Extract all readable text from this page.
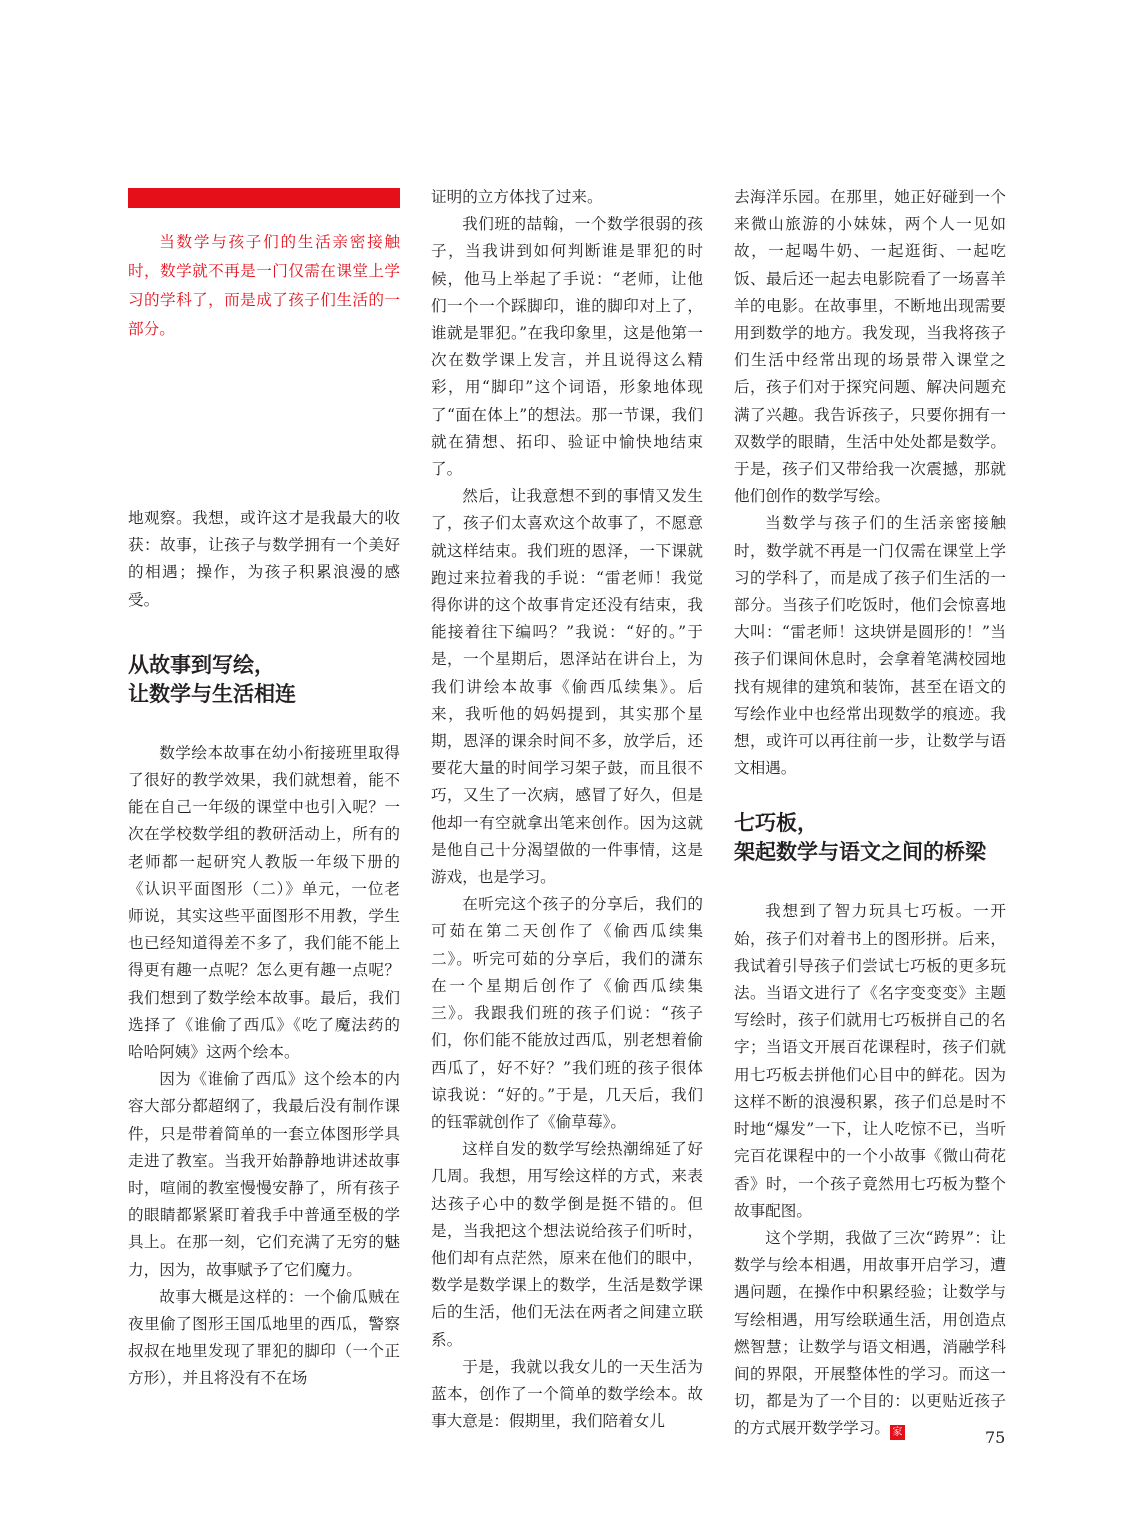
当数学与孩子们的生活亲密接触时，数学就不再是一门仅需在课堂上学习的学科了，而是成了孩子们生活的一部分。

地观察。我想，或许这才是我最大的收获：故事，让孩子与数学拥有一个美好的相遇；操作，为孩子积累浪漫的感受。

从故事到写绘，
让数学与生活相连

数学绘本故事在幼小衔接班里取得了很好的教学效果，我们就想着，能不能在自己一年级的课堂中也引入呢？一次在学校数学组的教研活动上，所有的老师都一起研究人教版一年级下册的《认识平面图形（二）》单元，一位老师说，其实这些平面图形不用教，学生也已经知道得差不多了，我们能不能上得更有趣一点呢？怎么更有趣一点呢？我们想到了数学绘本故事。最后，我们选择了《谁偷了西瓜》《吃了魔法药的哈哈阿姨》这两个绘本。

因为《谁偷了西瓜》这个绘本的内容大部分都超纲了，我最后没有制作课件，只是带着简单的一套立体图形学具走进了教室。当我开始静静地讲述故事时，喧闹的教室慢慢安静了，所有孩子的眼睛都紧紧盯着我手中普通至极的学具上。在那一刻，它们充满了无穷的魅力，因为，故事赋予了它们魔力。

故事大概是这样的：一个偷瓜贼在夜里偷了图形王国瓜地里的西瓜，警察叔叔在地里发现了罪犯的脚印（一个正方形），并且将没有不在场

证明的立方体找了过来。

我们班的喆翰，一个数学很弱的孩子，当我讲到如何判断谁是罪犯的时候，他马上举起了手说：“老师，让他们一个一个踩脚印，谁的脚印对上了，谁就是罪犯。”在我印象里，这是他第一次在数学课上发言，并且说得这么精彩，用“脚印”这个词语，形象地体现了“面在体上”的想法。那一节课，我们就在猜想、拓印、验证中愉快地结束了。

然后，让我意想不到的事情又发生了，孩子们太喜欢这个故事了，不愿意就这样结束。我们班的恩泽，一下课就跑过来拉着我的手说：“雷老师！我觉得你讲的这个故事肯定还没有结束，我能接着往下编吗？”我说：“好的。”于是，一个星期后，恩泽站在讲台上，为我们讲绘本故事《偷西瓜续集》。后来，我听他的妈妈提到，其实那个星期，恩泽的课余时间不多，放学后，还要花大量的时间学习架子鼓，而且很不巧，又生了一次病，感冒了好久，但是他却一有空就拿出笔来创作。因为这就是他自己十分渴望做的一件事情，这是游戏，也是学习。

在听完这个孩子的分享后，我们的可茹在第二天创作了《偷西瓜续集二》。听完可茹的分享后，我们的潇东在一个星期后创作了《偷西瓜续集三》。我跟我们班的孩子们说：“孩子们，你们能不能放过西瓜，别老想着偷西瓜了，好不好？”我们班的孩子很体谅我说：“好的。”于是，几天后，我们的钰霏就创作了《偷草莓》。

这样自发的数学写绘热潮绵延了好几周。我想，用写绘这样的方式，来表达孩子心中的数学倒是挺不错的。但是，当我把这个想法说给孩子们听时，他们却有点茫然，原来在他们的眼中，数学是数学课上的数学，生活是数学课后的生活，他们无法在两者之间建立联系。

于是，我就以我女儿的一天生活为蓝本，创作了一个简单的数学绘本。故事大意是：假期里，我们陪着女儿

去海洋乐园。在那里，她正好碰到一个来微山旅游的小妹妹，两个人一见如故，一起喝牛奶、一起逛街、一起吃饭、最后还一起去电影院看了一场喜羊羊的电影。在故事里，不断地出现需要用到数学的地方。我发现，当我将孩子们生活中经常出现的场景带入课堂之后，孩子们对于探究问题、解决问题充满了兴趣。我告诉孩子，只要你拥有一双数学的眼睛，生活中处处都是数学。于是，孩子们又带给我一次震撼，那就他们创作的数学写绘。

当数学与孩子们的生活亲密接触时，数学就不再是一门仅需在课堂上学习的学科了，而是成了孩子们生活的一部分。当孩子们吃饭时，他们会惊喜地大叫：“雷老师！这块饼是圆形的！”当孩子们课间休息时，会拿着笔满校园地找有规律的建筑和装饰，甚至在语文的写绘作业中也经常出现数学的痕迹。我想，或许可以再往前一步，让数学与语文相遇。

七巧板，
架起数学与语文之间的桥梁

我想到了智力玩具七巧板。一开始，孩子们对着书上的图形拼。后来，我试着引导孩子们尝试七巧板的更多玩法。当语文进行了《名字变变变》主题写绘时，孩子们就用七巧板拼自己的名字；当语文开展百花课程时，孩子们就用七巧板去拼他们心目中的鲜花。因为这样不断的浪漫积累，孩子们总是时不时地“爆发”一下，让人吃惊不已，当听完百花课程中的一个小故事《微山荷花香》时，一个孩子竟然用七巧板为整个故事配图。

这个学期，我做了三次“跨界”：让数学与绘本相遇，用故事开启学习，遭遇问题，在操作中积累经验；让数学与写绘相遇，用写绘联通生活，用创造点燃智慧；让数学与语文相遇，消融学科间的界限，开展整体性的学习。而这一切，都是为了一个目的：以更贴近孩子的方式展开数学学习。 家	75
